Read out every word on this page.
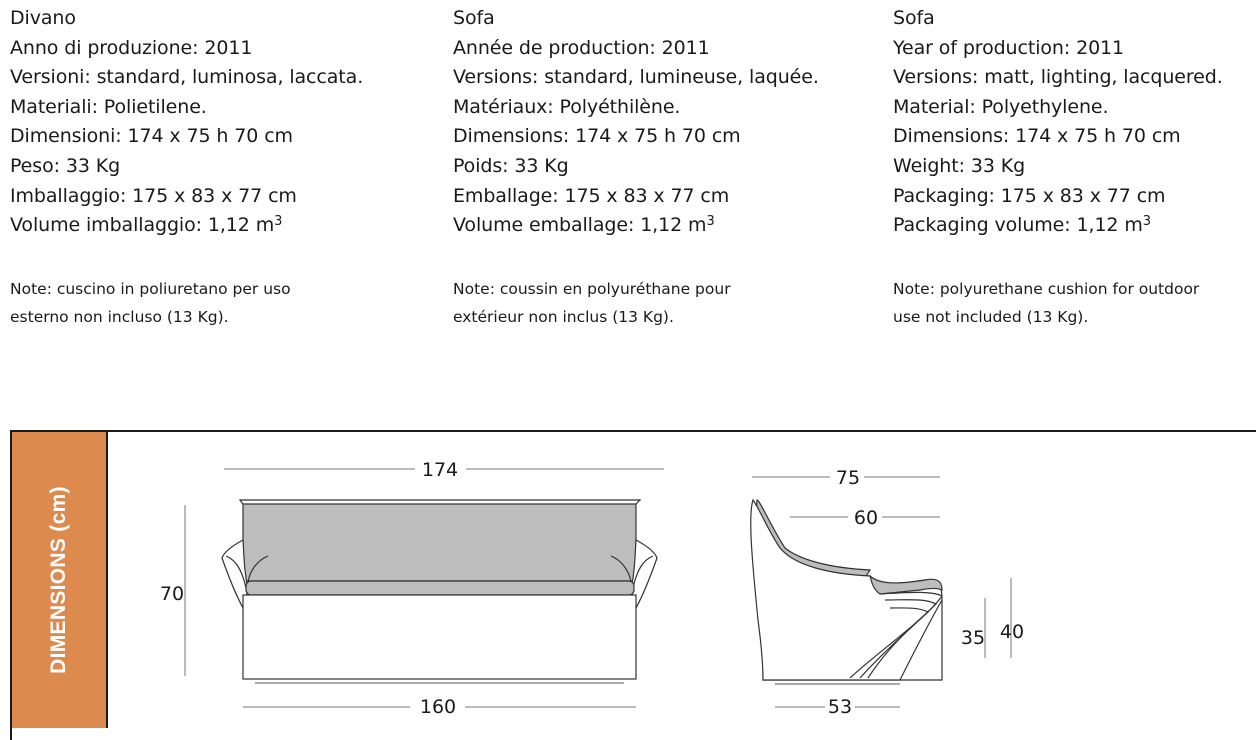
Divano
Anno di produzione: 2011
Versioni: standard, luminosa, laccata.
Materiali: Polietilene.
Dimensioni: 174 x 75 h 70 cm
Peso: 33 Kg
Imballaggio: 175 x 83 x 77 cm
Volume imballaggio: 1,12 $m^3$
Note: cuscino in poliuretano per uso
esterno non incluso (13 Kg).
Sofa
Année de production: 2011
Versions: standard, lumineuse, laquée.
Matériaux: Polyéthilène.
Dimensions: 174 x 75 h 70 cm
Poids: 33 Kg
Emballage: 175 x 83 x 77 cm
Volume emballage: 1,12 $m^3$
Note: coussin en polyuréthane pour
extérieur non inclus (13 Kg).
Sofa
Year of production: 2011
Versions: matt, lighting, lacquered.
Material: Polyethylene.
Dimensions: 174 x 75 h 70 cm
Weight: 33 Kg
Packaging: 175 x 83 x 77 cm
Packaging volume: 1,12 $m^3$
Note: polyurethane cushion for outdoor
use not included (13 Kg).
DIMENSIONS (cm)
174
70
160
75
60
35 40
53
